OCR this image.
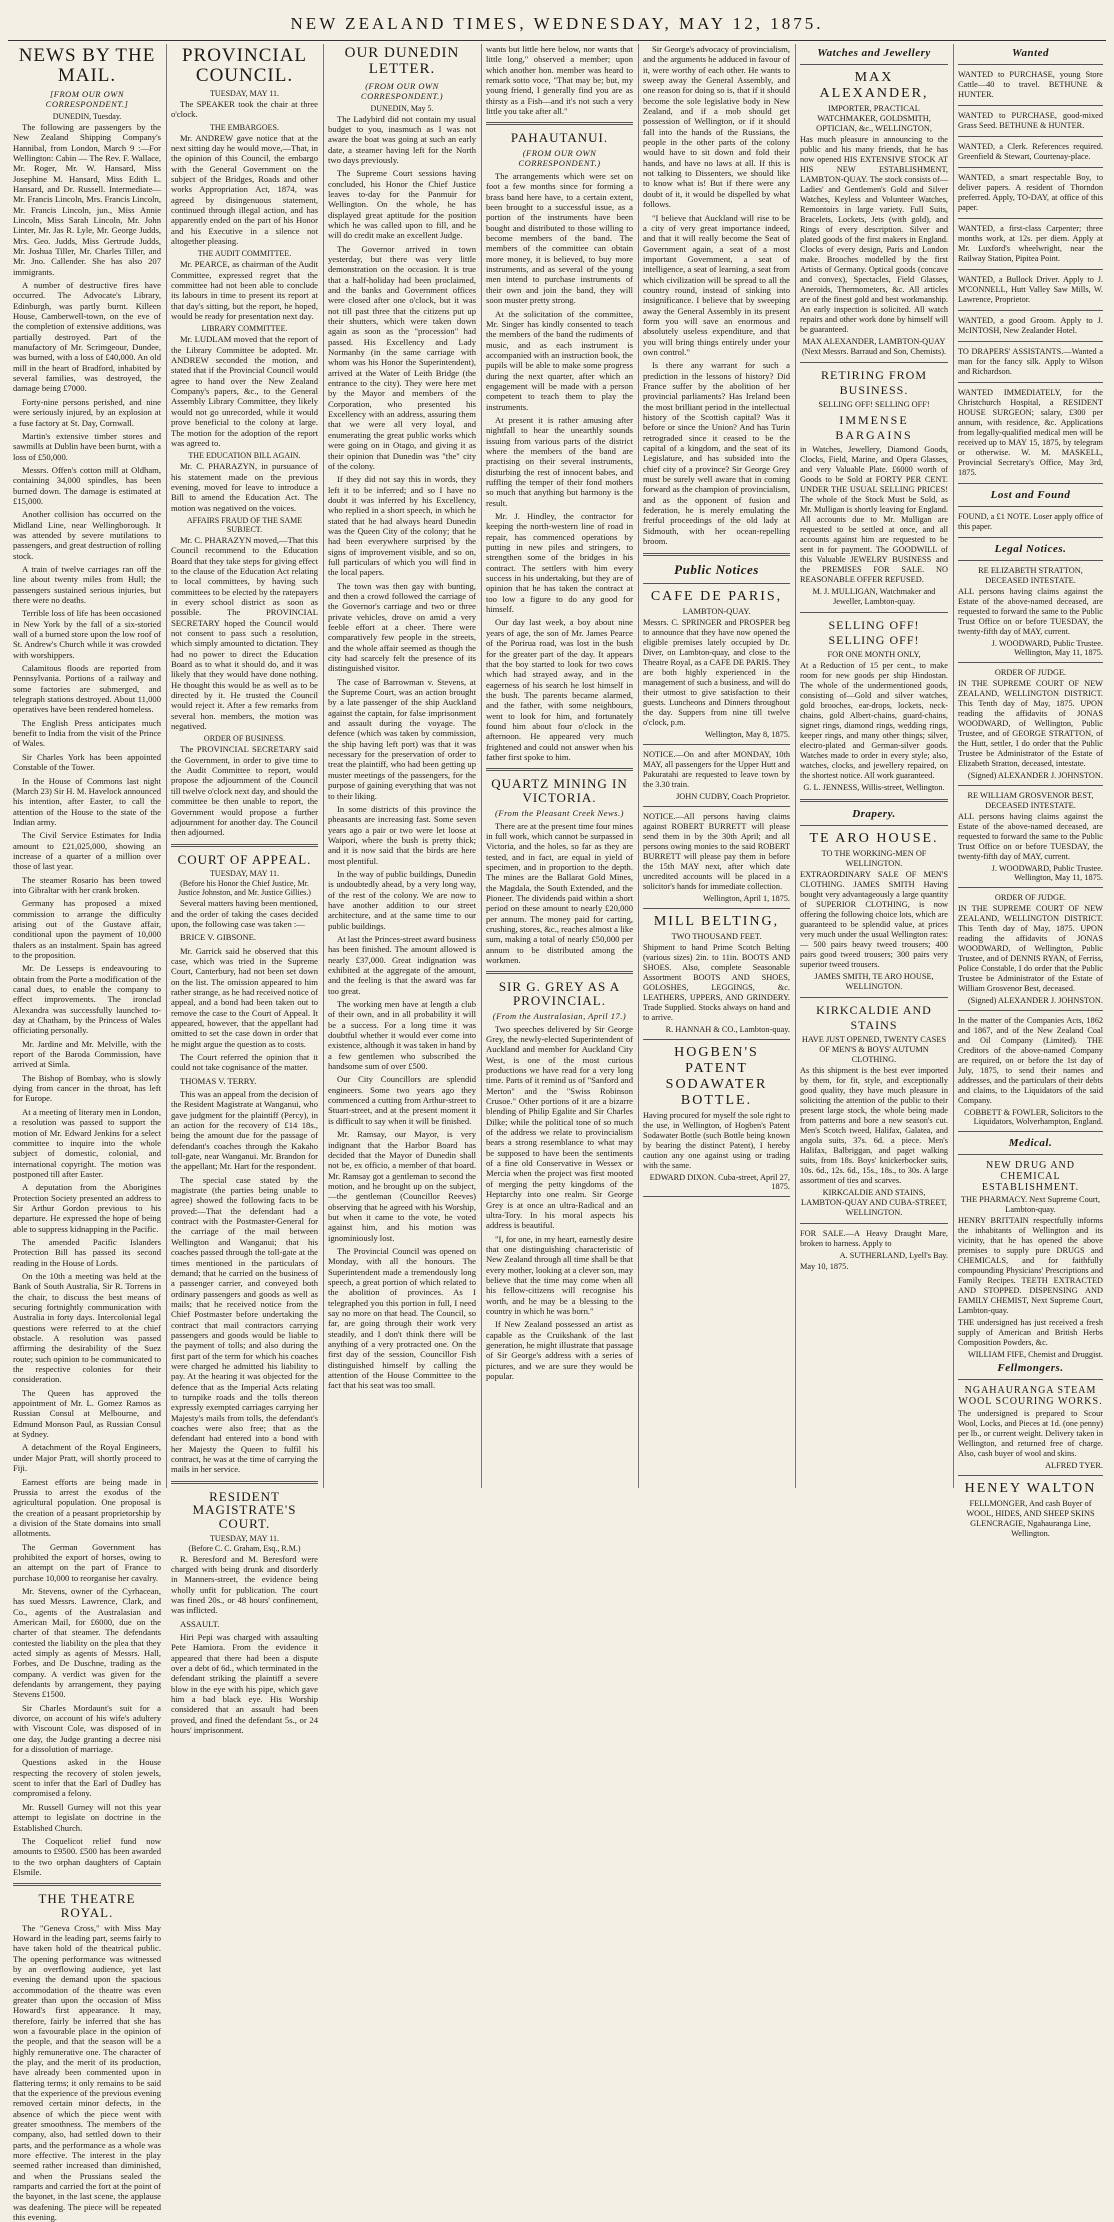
NEW ZEALAND TIMES, WEDNESDAY, MAY 12, 1875.
NEWS BY THE MAIL.
[FROM OUR OWN CORRESPONDENT.]
DUNEDIN, Tuesday.

The following are passengers by the New Zealand Shipping Company's Hannibal, from London, March 9 :—For Wellington: Cabin — The Rev. F. Wallace, Mr. Roger, Mr. W. Hansard, Miss Josephine M. Hansard, Miss Edith L. Hansard, and Dr. Russell. Intermediate—Mr. Francis Lincoln, Mrs. Francis Lincoln, Mr. Francis Lincoln, jun., Miss Annie Lincoln, Miss Sarah Lincoln, Mr. John Linter, Mr. Jas R. Lyle, Mr. George Judds, Mrs. Geo. Judds, Miss Gertrude Judds, Mr. Joshua Tiller, Mr. Charles Tiller, and Mr. Jno. Callender. She has also 207 immigrants.

A number of destructive fires have occurred. The Advocate's Library, Edinburgh, was partly burnt. Killeen House, Camberwell-town, on the eve of the completion of extensive additions, was partially destroyed. Part of the manufactory of Mr. Scrimgeour, Dundee, was burned, with a loss of £40,000. An old mill in the heart of Bradford, inhabited by several families, was destroyed, the damage being £7000.

Forty-nine persons perished, and nine were seriously injured, by an explosion at a fuse factory at St. Day, Cornwall.

Martin's extensive timber stores and sawmills at Dublin have been burnt, with a loss of £50,000.

Messrs. Offen's cotton mill at Oldham, containing 34,000 spindles, has been burned down. The damage is estimated at £15,000.

Another collision has occurred on the Midland Line, near Wellingborough. It was attended by severe mutilations to passengers, and great destruction of rolling stock.

A train of twelve carriages ran off the line about twenty miles from Hull; the passengers sustained serious injuries, but there were no deaths.

Terrible loss of life has been occasioned in New York by the fall of a six-storied wall of a burned store upon the low roof of St. Andrew's Church while it was crowded with worshippers.

Calamitous floods are reported from Pennsylvania. Portions of a railway and some factories are submerged, and telegraph stations destroyed. About 11,000 operatives have been rendered homeless.

The English Press anticipates much benefit to India from the visit of the Prince of Wales.

Sir Charles York has been appointed Constable of the Tower.

In the House of Commons last night (March 23) Sir H. M. Havelock announced his intention, after Easter, to call the attention of the House to the state of the Indian army.

The Civil Service Estimates for India amount to £21,025,000, showing an increase of a quarter of a million over those of last year.

The steamer Rosario has been towed into Gibraltar with her crank broken.

Germany has proposed a mixed commission to arrange the difficulty arising out of the Gustave affair, conditional upon the payment of 10,000 thalers as an instalment. Spain has agreed to the proposition.

Mr. De Lesseps is endeavouring to obtain from the Porte a modification of the canal dues, to enable the company to effect improvements. The ironclad Alexandra was successfully launched to-day at Chatham, by the Princess of Wales officiating personally.

Mr. Jardine and Mr. Melville, with the report of the Baroda Commission, have arrived at Simla.

The Bishop of Bombay, who is slowly dying from cancer in the throat, has left for Europe.

At a meeting of literary men in London, a resolution was passed to support the motion of Mr. Edward Jenkins for a select committee to inquire into the whole subject of domestic, colonial, and international copyright. The motion was postponed till after Easter.

A deputation from the Aborigines Protection Society presented an address to Sir Arthur Gordon previous to his departure. He expressed the hope of being able to suppress kidnapping in the Pacific.

The amended Pacific Islanders Protection Bill has passed its second reading in the House of Lords.

On the 10th a meeting was held at the Bank of South Australia, Sir R. Torrens in the chair, to discuss the best means of securing fortnightly communication with Australia in forty days. Intercolonial legal questions were referred to at the chief obstacle. A resolution was passed affirming the desirability of the Suez route; such opinion to be communicated to the respective colonies for their consideration.

The Queen has approved the appointment of Mr. L. Gomez Ramos as Russian Consul at Melbourne, and Edmund Monson Paul, as Russian Consul at Sydney.

A detachment of the Royal Engineers, under Major Pratt, will shortly proceed to Fiji.

Earnest efforts are being made in Prussia to arrest the exodus of the agricultural population. One proposal is the creation of a peasant proprietorship by a division of the State domains into small allotments.

The German Government has prohibited the export of horses, owing to an attempt on the part of France to purchase 10,000 to reorganise her cavalry.

Mr. Stevens, owner of the Cyrhacean, has sued Messrs. Lawrence, Clark, and Co., agents of the Australasian and American Mail, for £6000, due on the charter of that steamer. The defendants contested the liability on the plea that they acted simply as agents of Messrs. Hall, Forbes, and De Duschne, trading as the company. A verdict was given for the defendants by arrangement, they paying Stevens £1500.

Sir Charles Mordaunt's suit for a divorce, on account of his wife's adultery with Viscount Cole, was disposed of in one day, the Judge granting a decree nisi for a dissolution of marriage.

Questions asked in the House respecting the recovery of stolen jewels, scent to infer that the Earl of Dudley has compromised a felony.

Mr. Russell Gurney will not this year attempt to legislate on doctrine in the Established Church.

The Coquelicot relief fund now amounts to £9500. £500 has been awarded to the two orphan daughters of Captain Elsmile.

THE THEATRE ROYAL.

The "Geneva Cross," with Miss May Howard in the leading part, seems fairly to have taken hold of the theatrical public. The opening performance was witnessed by an overflowing audience, yet last evening the demand upon the spacious accommodation of the theatre was even greater than upon the occasion of Miss Howard's first appearance. It may, therefore, fairly be inferred that she has won a favourable place in the opinion of the people, and that the season will be a highly remunerative one. The character of the play, and the merit of its production, have already been commented upon in flattering terms; it only remains to be said that the experience of the previous evening removed certain minor defects, in the absence of which the piece went with greater smoothness. The members of the company, also, had settled down to their parts, and the performance as a whole was more effective. The interest in the play seemed rather increased than diminished, and when the Prussians sealed the ramparts and carried the fort at the point of the bayonet, in the last scene, the applause was deafening. The piece will be repeated this evening.

PROVINCIAL COUNCIL.
TUESDAY, MAY 11.

The SPEAKER took the chair at three o'clock.

THE EMBARGOES.

Mr. ANDREW gave notice that at the next sitting day he would move,—That, in the opinion of this Council, the embargo with the General Government on the subject of the Bridges, Roads and other works Appropriation Act, 1874, was agreed by disingenuous statement, continued through illegal action, and has apparently ended on the part of his Honor and his Executive in a silence not altogether pleasing.

THE AUDIT COMMITTEE.

Mr. PEARCE, as chairman of the Audit Committee, expressed regret that the committee had not been able to conclude its labours in time to present its report at that day's sitting, but the report, he hoped, would be ready for presentation next day.

LIBRARY COMMITTEE.

Mr. LUDLAM moved that the report of the Library Committee be adopted. Mr. ANDREW seconded the motion, and stated that if the Provincial Council would agree to hand over the New Zealand Company's papers, &c., to the General Assembly Library Committee, they likely would not go unrecorded, while it would prove beneficial to the colony at large. The motion for the adoption of the report was agreed to.

THE EDUCATION BILL AGAIN.

Mr. C. PHARAZYN, in pursuance of his statement made on the previous evening, moved for leave to introduce a Bill to amend the Education Act. The motion was negatived on the voices.

AFFAIRS FRAUD OF THE SAME SUBJECT.

Mr. C. PHARAZYN moved,—That this Council recommend to the Education Board that they take steps for giving effect to the clause of the Education Act relating to local committees, by having such committees to be elected by the ratepayers in every school district as soon as possible. The PROVINCIAL SECRETARY hoped the Council would not consent to pass such a resolution, which simply amounted to dictation. They had no power to direct the Education Board as to what it should do, and it was likely that they would have done nothing. He thought this would be as well as to be directed by it. He trusted the Council would reject it. After a few remarks from several hon. members, the motion was negatived.

ORDER OF BUSINESS.

The PROVINCIAL SECRETARY said the Government, in order to give time to the Audit Committee to report, would propose the adjournment of the Council till twelve o'clock next day, and should the committee be then unable to report, the Government would propose a further adjournment for another day. The Council then adjourned.

COURT OF APPEAL.
TUESDAY, MAY 11.
(Before his Honor the Chief Justice, Mr. Justice Johnston, and Mr. Justice Gillies.)

Several matters having been mentioned, and the order of taking the cases decided upon, the following case was taken :—

BRICE V. GIBSONE.

Mr. Garrick said he observed that this case, which was tried in the Supreme Court, Canterbury, had not been set down on the list. The omission appeared to him rather strange, as he had received notice of appeal, and a bond had been taken out to remove the case to the Court of Appeal. It appeared, however, that the appellant had omitted to set the case down in order that he might argue the question as to costs.

The Court referred the opinion that it could not take cognisance of the matter.

THOMAS V. TERRY.

This was an appeal from the decision of the Resident Magistrate at Wanganui, who gave judgment for the plaintiff (Percy), in an action for the recovery of £14 18s., being the amount due for the passage of defendant's coaches through the Kakaho toll-gate, near Wanganui. Mr. Brandon for the appellant; Mr. Hart for the respondent.

The special case stated by the magistrate (the parties being unable to agree) showed the following facts to be proved:—That the defendant had a contract with the Postmaster-General for the carriage of the mail between Wellington and Wanganui; that his coaches passed through the toll-gate at the times mentioned in the particulars of demand; that he carried on the business of a passenger carrier, and conveyed both ordinary passengers and goods as well as mails; that he received notice from the Chief Postmaster before undertaking the contract that mail contractors carrying passengers and goods would be liable to the payment of tolls; and also during the first part of the term for which his coaches were charged he admitted his liability to pay. At the hearing it was objected for the defence that as the Imperial Acts relating to turnpike roads and the tolls thereon expressly exempted carriages carrying her Majesty's mails from tolls, the defendant's coaches were also free; that as the defendant had entered into a bond with her Majesty the Queen to fulfil his contract, he was at the time of carrying the mails in her service.

RESIDENT MAGISTRATE'S COURT.
TUESDAY, MAY 11.
(Before C. C. Graham, Esq., R.M.)

R. Beresford and M. Beresford were charged with being drunk and disorderly in Manners-street, the evidence being wholly unfit for publication. The court was fined 20s., or 48 hours' confinement, was inflicted.

ASSAULT.

Hiri Pepi was charged with assaulting Pete Hamiora. From the evidence it appeared that there had been a dispute over a debt of 6d., which terminated in the defendant striking the plaintiff a severe blow in the eye with his pipe, which gave him a bad black eye. His Worship considered that an assault had been proved, and fined the defendant 5s., or 24 hours' imprisonment.

OUR DUNEDIN LETTER.
(FROM OUR OWN CORRESPONDENT.)
DUNEDIN, May 5.

The Ladybird did not contain my usual budget to you, inasmuch as I was not aware the boat was going at such an early date, a steamer having left for the North two days previously.

The Supreme Court sessions having concluded, his Honor the Chief Justice leaves to-day for the Panmuir for Wellington. On the whole, he has displayed great aptitude for the position which he was called upon to fill, and he will do credit make an excellent Judge.

The Governor arrived in town yesterday, but there was very little demonstration on the occasion. It is true that a half-holiday had been proclaimed, and the banks and Government offices were closed after one o'clock, but it was not till past three that the citizens put up their shutters, which were taken down again as soon as the "procession" had passed. His Excellency and Lady Normanby (in the same carriage with whom was his Honor the Superintendent), arrived at the Water of Leith Bridge (the entrance to the city). They were here met by the Mayor and members of the Corporation, who presented his Excellency with an address, assuring them that we were all very loyal, and enumerating the great public works which were going on in Otago, and giving it as their opinion that Dunedin was "the" city of the colony.

If they did not say this in words, they left it to be inferred; and so I have no doubt it was inferred by his Excellency, who replied in a short speech, in which he stated that he had always heard Dunedin was the Queen City of the colony; that he had been everywhere surprised by the signs of improvement visible, and so on, full particulars of which you will find in the local papers.

The town was then gay with bunting, and then a crowd followed the carriage of the Governor's carriage and two or three private vehicles, drove on amid a very feeble effort at a cheer. There were comparatively few people in the streets, and the whole affair seemed as though the city had scarcely felt the presence of its distinguished visitor.

The case of Barrowman v. Stevens, at the Supreme Court, was an action brought by a late passenger of the ship Auckland against the captain, for false imprisonment and assault during the voyage. The defence (which was taken by commission, the ship having left port) was that it was necessary for the preservation of order to treat the plaintiff, who had been getting up muster meetings of the passengers, for the purpose of gaining everything that was not to their liking.

In some districts of this province the pheasants are increasing fast. Some seven years ago a pair or two were let loose at Waipori, where the bush is pretty thick; and it is now said that the birds are here most plentiful.

In the way of public buildings, Dunedin is undoubtedly ahead, by a very long way, of the rest of the colony. We are now to have another addition to our street architecture, and at the same time to our public buildings.

At last the Princes-street award business has been finished. The amount allowed is nearly £37,000. Great indignation was exhibited at the aggregate of the amount, and the feeling is that the award was far too great.

The working men have at length a club of their own, and in all probability it will be a success. For a long time it was doubtful whether it would ever come into existence, although it was taken in hand by a few gentlemen who subscribed the handsome sum of over £500.

Our City Councillors are splendid engineers. Some two years ago they commenced a cutting from Arthur-street to Stuart-street, and at the present moment it is difficult to say when it will be finished.

Mr. Ramsay, our Mayor, is very indignant that the Harbor Board has decided that the Mayor of Dunedin shall not be, ex officio, a member of that board. Mr. Ramsay got a gentleman to second the motion, and he brought up on the subject,—the gentleman (Councillor Reeves) observing that he agreed with his Worship, but when it came to the vote, he voted against him, and his motion was ignominiously lost.

The Provincial Council was opened on Monday, with all the honours. The Superintendent made a tremendously long speech, a great portion of which related to the abolition of provinces. As I telegraphed you this portion in full, I need say no more on that head. The Council, so far, are going through their work very steadily, and I don't think there will be anything of a very protracted one. On the first day of the session, Councillor Fish distinguished himself by calling the attention of the House Committee to the fact that his seat was too small.

wants but little here below, nor wants that little long," observed a member; upon which another hon. member was heard to remark sotto voce, "That may be; but, my young friend, I generally find you are as thirsty as a Fish—and it's not such a very little you take after all."

PAHAUTANUI.
(FROM OUR OWN CORRESPONDENT.)

The arrangements which were set on foot a few months since for forming a brass band here have, to a certain extent, been brought to a successful issue, as a portion of the instruments have been bought and distributed to those willing to become members of the band. The members of the committee can obtain more money, it is believed, to buy more instruments, and as several of the young men intend to purchase instruments of their own and join the band, they will soon muster pretty strong.

At the solicitation of the committee, Mr. Singer has kindly consented to teach the members of the band the rudiments of music, and as each instrument is accompanied with an instruction book, the pupils will be able to make some progress during the next quarter, after which an engagement will be made with a person competent to teach them to play the instruments.

At present it is rather amusing after nightfall to hear the unearthly sounds issuing from various parts of the district where the members of the band are practising on their several instruments, disturbing the rest of innocent babes, and ruffling the temper of their fond mothers so much that anything but harmony is the result.

Mr. J. Hindley, the contractor for keeping the north-western line of road in repair, has commenced operations by putting in new piles and stringers, to strengthen some of the bridges in his contract. The settlers with him every success in his undertaking, but they are of opinion that he has taken the contract at too low a figure to do any good for himself.

Our day last week, a boy about nine years of age, the son of Mr. James Pearce of the Porirua road, was lost in the bush for the greater part of the day. It appears that the boy started to look for two cows which had strayed away, and in the eagerness of his search he lost himself in the bush. The parents became alarmed, and the father, with some neighbours, went to look for him, and fortunately found him about four o'clock in the afternoon. He appeared very much frightened and could not answer when his father first spoke to him.

QUARTZ MINING IN VICTORIA.
(From the Pleasant Creek News.)

There are at the present time four mines in full work, which cannot be surpassed in Victoria, and the holes, so far as they are tested, and in fact, are equal in yield of specimen, and in proportion to the depth. The mines are the Ballarat Gold Mines, the Magdala, the South Extended, and the Pioneer. The dividends paid within a short period on these amount to nearly £20,000 per annum. The money paid for carting, crushing, stores, &c., reaches almost a like sum, making a total of nearly £50,000 per annum to be distributed among the workmen.

SIR G. GREY AS A PROVINCIAL.
(From the Australasian, April 17.)

Two speeches delivered by Sir George Grey, the newly-elected Superintendent of Auckland and member for Auckland City West, is one of the most curious productions we have read for a very long time. Parts of it remind us of "Sanford and Merton" and the "Swiss Robinson Crusoe." Other portions of it are a bizarre blending of Philip Egalite and Sir Charles Dilke; while the political tone of so much of the address we relate to provincialism bears a strong resemblance to what may be supposed to have been the sentiments of a fine old Conservative in Wessex or Mercia when the project was first mooted of merging the petty kingdoms of the Heptarchy into one realm. Sir George Grey is at once an ultra-Radical and an ultra-Tory. In his moral aspects his address is beautiful.

"I, for one, in my heart, earnestly desire that one distinguishing characteristic of New Zealand through all time shall be that every mother, looking at a clever son, may believe that the time may come when all his fellow-citizens will recognise his worth, and he may be a blessing to the country in which he was born."

If New Zealand possessed an artist as capable as the Cruikshank of the last generation, he might illustrate that passage of Sir George's address with a series of pictures, and we are sure they would be popular.

Sir George's advocacy of provincialism, and the arguments he adduced in favour of it, were worthy of each other. He wants to sweep away the General Assembly, and one reason for doing so is, that if it should become the sole legislative body in New Zealand, and if a mob should get possession of Wellington, or if it should fall into the hands of the Russians, the people in the other parts of the colony would have to sit down and fold their hands, and have no laws at all. If this is not talking to Dissenters, we should like to know what is! But if there were any doubt of it, it would be dispelled by what follows.

"I believe that Auckland will rise to be a city of very great importance indeed, and that it will really become the Seat of Government again, a seat of a most important Government, a seat of intelligence, a seat of learning, a seat from which civilization will be spread to all the country round, instead of sinking into insignificance. I believe that by sweeping away the General Assembly in its present form you will save an enormous and absolutely useless expenditure, and that you will bring things entirely under your own control."

Is there any warrant for such a prediction in the lessons of history? Did France suffer by the abolition of her provincial parliaments? Has Ireland been the most brilliant period in the intellectual history of the Scottish capital? Was it before or since the Union? And has Turin retrograded since it ceased to be the capital of a kingdom, and the seat of its Legislature, and has subsided into the chief city of a province? Sir George Grey must be surely well aware that in coming forward as the champion of provincialism, and as the opponent of fusion and federation, he is merely emulating the fretful proceedings of the old lady at Sidmouth, with her ocean-repelling broom.

Public Notices
CAFE DE PARIS,
LAMBTON-QUAY.
Messrs. C. SPRINGER and PROSPER beg to announce that they have now opened the eligible premises lately occupied by Dr. Diver, on Lambton-quay, and close to the Theatre Royal, as a CAFE DE PARIS. They are both highly experienced in the management of such a business, and will do their utmost to give satisfaction to their guests. Luncheons and Dinners throughout the day. Suppers from nine till twelve o'clock, p.m.
Wellington, May 8, 1875.
NOTICE.—On and after MONDAY, 10th MAY, all passengers for the Upper Hutt and Pakuratahi are requested to leave town by the 3.30 train.
JOHN CUDBY, Coach Proprietor.
NOTICE.—All persons having claims against ROBERT BURRETT will please send them in by the 30th April; and all persons owing monies to the said ROBERT BURRETT will please pay them in before the 15th MAY next, after which date uncredited accounts will be placed in a solicitor's hands for immediate collection.
Wellington, April 1, 1875.
MILL BELTING,
TWO THOUSAND FEET.
Shipment to hand Prime Scotch Belting (various sizes) 2in. to 11in. BOOTS AND SHOES. Also, complete Seasonable Assortment BOOTS AND SHOES, GOLOSHES, LEGGINGS, &c. LEATHERS, UPPERS, AND GRINDERY. Trade Supplied. Stocks always on hand and to arrive.
R. HANNAH & CO., Lambton-quay.
HOGBEN'S PATENT SODAWATER BOTTLE.
Having procured for myself the sole right to the use, in Wellington, of Hogben's Patent Sodawater Bottle (such Bottle being known by bearing the distinct Patent), I hereby caution any one against using or trading with the same.
EDWARD DIXON. Cuba-street, April 27, 1875.
Watches and Jewellery
MAX ALEXANDER,
IMPORTER, PRACTICAL WATCHMAKER, GOLDSMITH, OPTICIAN, &c., WELLINGTON,
Has much pleasure in announcing to the public and his many friends, that he has now opened HIS EXTENSIVE STOCK AT HIS NEW ESTABLISHMENT, LAMBTON-QUAY. The stock consists of—Ladies' and Gentlemen's Gold and Silver Watches, Keyless and Volunteer Watches, Remontoirs in large variety. Full Suits, Bracelets, Lockets, Jets (with gold), and Rings of every description. Silver and plated goods of the first makers in England. Clocks of every design, Paris and London make. Brooches modelled by the first Artists of Germany. Optical goods (concave and convex), Spectacles, Field Glasses, Aneroids, Thermometers, &c. All articles are of the finest gold and best workmanship. An early inspection is solicited. All watch repairs and other work done by himself will be guaranteed.
MAX ALEXANDER, LAMBTON-QUAY (Next Messrs. Barraud and Son, Chemists).
RETIRING FROM BUSINESS.
SELLING OFF! SELLING OFF!
IMMENSE BARGAINS
in Watches, Jewellery, Diamond Goods, Clocks, Field, Marine, and Opera Glasses, and very Valuable Plate. £6000 worth of Goods to be Sold at FORTY PER CENT. UNDER THE USUAL SELLING PRICES! The whole of the Stock Must be Sold, as Mr. Mulligan is shortly leaving for England. All accounts due to Mr. Mulligan are requested to be settled at once, and all accounts against him are requested to be sent in for payment. The GOODWILL of this Valuable JEWELRY BUSINESS and the PREMISES FOR SALE. NO REASONABLE OFFER REFUSED.
M. J. MULLIGAN, Watchmaker and Jeweller, Lambton-quay.
SELLING OFF! SELLING OFF!
FOR ONE MONTH ONLY,
At a Reduction of 15 per cent., to make room for new goods per ship Hindostan. The whole of the undermentioned goods, consisting of—Gold and silver watches, gold brooches, ear-drops, lockets, neck-chains, gold Albert-chains, guard-chains, signet rings, diamond rings, wedding rings, keeper rings, and many other things; silver, electro-plated and German-silver goods. Watches made to order in every style; also, watches, clocks, and jewellery repaired, on the shortest notice. All work guaranteed.
G. L. JENNESS, Willis-street, Wellington.
Drapery.
TE ARO HOUSE.
TO THE WORKING-MEN OF WELLINGTON.
EXTRAORDINARY SALE OF MEN'S CLOTHING. JAMES SMITH Having bought very advantageously a large quantity of SUPERIOR CLOTHING, is now offering the following choice lots, which are guaranteed to be splendid value, at prices very much under the usual Wellington rates:— 500 pairs heavy tweed trousers; 400 pairs good tweed trousers; 300 pairs very superior tweed trousers.
JAMES SMITH, TE ARO HOUSE, WELLINGTON.
KIRKCALDIE AND STAINS
HAVE JUST OPENED, TWENTY CASES OF MEN'S & BOYS' AUTUMN CLOTHING.
As this shipment is the best ever imported by them, for fit, style, and exceptionally good quality, they have much pleasure in soliciting the attention of the public to their present large stock, the whole being made from patterns and bore a new season's cut. Men's Scotch tweed, Halifax, Galatea, and angola suits, 37s. 6d. a piece. Men's Halifax, Balbriggan, and paget walking suits, from 18s. Boys' knickerbocker suits, 10s. 6d., 12s. 6d., 15s., 18s., to 30s. A large assortment of ties and scarves.
KIRKCALDIE AND STAINS, LAMBTON-QUAY AND CUBA-STREET, WELLINGTON.
FOR SALE.—A Heavy Draught Mare, broken to harness. Apply to
A. SUTHERLAND, Lyell's Bay.
May 10, 1875.
Wanted
WANTED to PURCHASE, young Store Cattle—40 to travel. BETHUNE & HUNTER.
WANTED to PURCHASE, good-mixed Grass Seed. BETHUNE & HUNTER.
WANTED, a Clerk. References required. Greenfield & Stewart, Courtenay-place.
WANTED, a smart respectable Boy, to deliver papers. A resident of Thorndon preferred. Apply, TO-DAY, at office of this paper.
WANTED, a first-class Carpenter; three months work, at 12s. per diem. Apply at Mr. Luxford's wheelwright, near the Railway Station, Pipitea Point.
WANTED, a Bullock Driver. Apply to J. M'CONNELL, Hutt Valley Saw Mills, W. Lawrence, Proprietor.
WANTED, a good Groom. Apply to J. McINTOSH, New Zealander Hotel.
TO DRAPERS' ASSISTANTS.—Wanted a man for the fancy silk. Apply to Wilson and Richardson.
WANTED IMMEDIATELY, for the Christchurch Hospital, a RESIDENT HOUSE SURGEON; salary, £300 per annum, with residence, &c. Applications from legally-qualified medical men will be received up to MAY 15, 1875, by telegram or otherwise. W. M. MASKELL, Provincial Secretary's Office, May 3rd, 1875.
Lost and Found
FOUND, a £1 NOTE. Loser apply office of this paper.
Legal Notices.
RE ELIZABETH STRATTON, DECEASED INTESTATE.
ALL persons having claims against the Estate of the above-named deceased, are requested to forward the same to the Public Trust Office on or before TUESDAY, the twenty-fifth day of MAY, current.
J. WOODWARD, Public Trustee. Wellington, May 11, 1875.
ORDER OF JUDGE.
IN THE SUPREME COURT OF NEW ZEALAND, WELLINGTON DISTRICT. This Tenth day of May, 1875. UPON reading the affidavits of JONAS WOODWARD, of Wellington, Public Trustee, and of GEORGE STRATTON, of the Hutt, settler, I do order that the Public Trustee be Administrator of the Estate of Elizabeth Stratton, deceased, intestate.
(Signed) ALEXANDER J. JOHNSTON.
RE WILLIAM GROSVENOR BEST, DECEASED INTESTATE.
ALL persons having claims against the Estate of the above-named deceased, are requested to forward the same to the Public Trust Office on or before TUESDAY, the twenty-fifth day of MAY, current.
J. WOODWARD, Public Trustee. Wellington, May 11, 1875.
ORDER OF JUDGE.
IN THE SUPREME COURT OF NEW ZEALAND, WELLINGTON DISTRICT. This Tenth day of May, 1875. UPON reading the affidavits of JONAS WOODWARD, of Wellington, Public Trustee, and of DENNIS RYAN, of Ferriss, Police Constable, I do order that the Public Trustee be Administrator of the Estate of William Grosvenor Best, deceased.
(Signed) ALEXANDER J. JOHNSTON.
In the matter of the Companies Acts, 1862 and 1867, and of the New Zealand Coal and Oil Company (Limited). THE Creditors of the above-named Company are required, on or before the 1st day of July, 1875, to send their names and addresses, and the particulars of their debts and claims, to the Liquidators of the said Company.
COBBETT & FOWLER, Solicitors to the Liquidators, Wolverhampton, England.
Medical.
NEW DRUG AND CHEMICAL ESTABLISHMENT.
THE PHARMACY. Next Supreme Court, Lambton-quay.
HENRY BRITTAIN respectfully informs the inhabitants of Wellington and its vicinity, that he has opened the above premises to supply pure DRUGS and CHEMICALS, and for faithfully compounding Physicians' Prescriptions and Family Recipes. TEETH EXTRACTED AND STOPPED. DISPENSING AND FAMILY CHEMIST, Next Supreme Court, Lambton-quay.
THE undersigned has just received a fresh supply of American and British Herbs Composition Powders, &c.
WILLIAM FIFE, Chemist and Druggist.
Fellmongers.
NGAHAURANGA STEAM WOOL SCOURING WORKS.
The undersigned is prepared to Scour Wool, Locks, and Pieces at 1d. (one penny) per lb., or current weight. Delivery taken in Wellington, and returned free of charge. Also, cash buyer of wool and skins.
ALFRED TYER.
HENEY WALTON
FELLMONGER, And cash Buyer of WOOL, HIDES, AND SHEEP SKINS GLENCRAGIE, Ngahauranga Line, Wellington.
